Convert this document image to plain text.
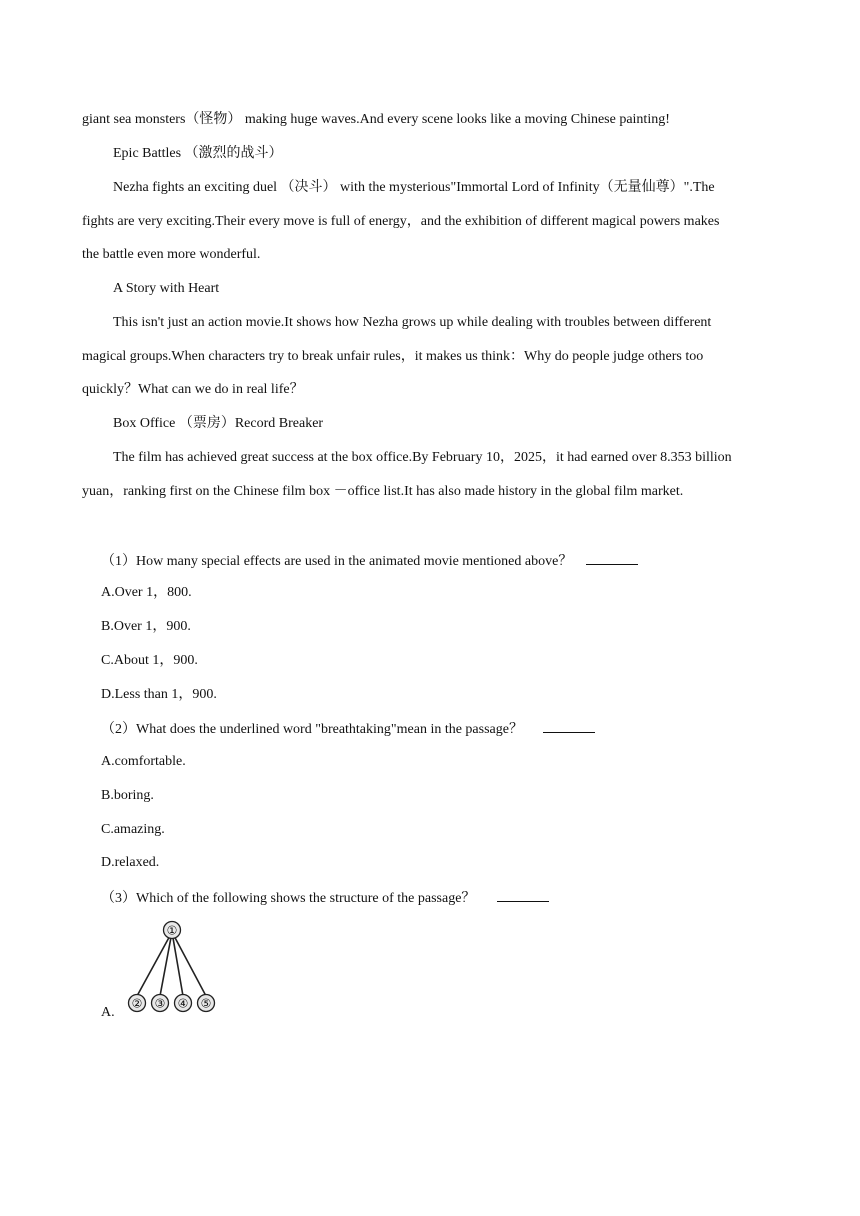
giant sea monsters（怪物） making huge waves.And every scene looks like a moving Chinese painting!
Epic Battles （激烈的战斗）
Nezha fights an exciting duel （决斗） with the mysterious"Immortal Lord of Infinity（无量仙尊）".The
fights are very exciting.Their every move is full of energy，and the exhibition of different magical powers makes
the battle even more wonderful.
A Story with Heart
This isn't just an action movie.It shows how Nezha grows up while dealing with troubles between different
magical groups.When characters try to break unfair rules，it makes us think：Why do people judge others too
quickly？What can we do in real life？
Box Office （票房）Record Breaker
The film has achieved great success at the box office.By February 10，2025，it had earned over 8.353 billion
yuan，ranking first on the Chinese film box －office list.It has also made history in the global film market.
（1）How many special effects are used in the animated movie mentioned above？
A.Over 1，800.
B.Over 1，900.
C.About 1，900.
D.Less than 1，900.
（2）What does the underlined word "breathtaking"mean in the passage？
A.comfortable.
B.boring.
C.amazing.
D.relaxed.
（3）Which of the following shows the structure of the passage？
A.
①
② ③ ④ ⑤
